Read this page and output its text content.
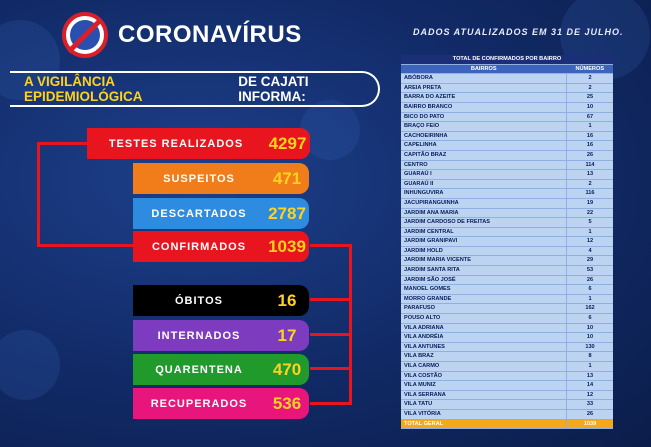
CORONAVÍRUS	DADOS ATUALIZADOS EM 31 DE JULHO.
A VIGILÂNCIA EPIDEMIOLÓGICA
DE CAJATI INFORMA:
TESTES REALIZADOS	4297
SUSPEITOS	471
DESCARTADOS	2787
CONFIRMADOS	1039
ÓBITOS	16
INTERNADOS	17
QUARENTENA	470
RECUPERADOS	536
TOTAL DE CONFIRMADOS POR BAIRRO	
BAIRROS	NÚMEROS
ABÓBORA	2
AREIA PRETA	2
BARRA DO AZEITE	25
BAIRRO BRANCO	10
BICO DO PATO	67
BRAÇO FEIO	1
CACHOEIRINHA	16
CAPELINHA	16
CAPITÃO BRAZ	26
CENTRO	114
GUARAÚ I	13
GUARAÚ II	2
INHUNGUVIRA	116
JACUPIRANGUINHA	19
JARDIM ANA MARIA	22
JARDIM CARDOSO DE FREITAS	5
JARDIM CENTRAL	1
JARDIM GRANIPAVI	12
JARDIM HOLD	4
JARDIM MARIA VICENTE	29
JARDIM SANTA RITA	53
JARDIM SÃO JOSÉ	26
MANOEL GOMES	6
MORRO GRANDE	1
PARAFUSO	162
POUSO ALTO	6
VILA ADRIANA	10
VILA ANDRÉIA	10
VILA ANTUNES	130
VILA BRAZ	8
VILA CARMO	1
VILA COSTÃO	13
VILA MUNIZ	14
VILA SERRANA	12
VILA TATU	33
VILA VITÓRIA	26
TOTAL GERAL	1039
